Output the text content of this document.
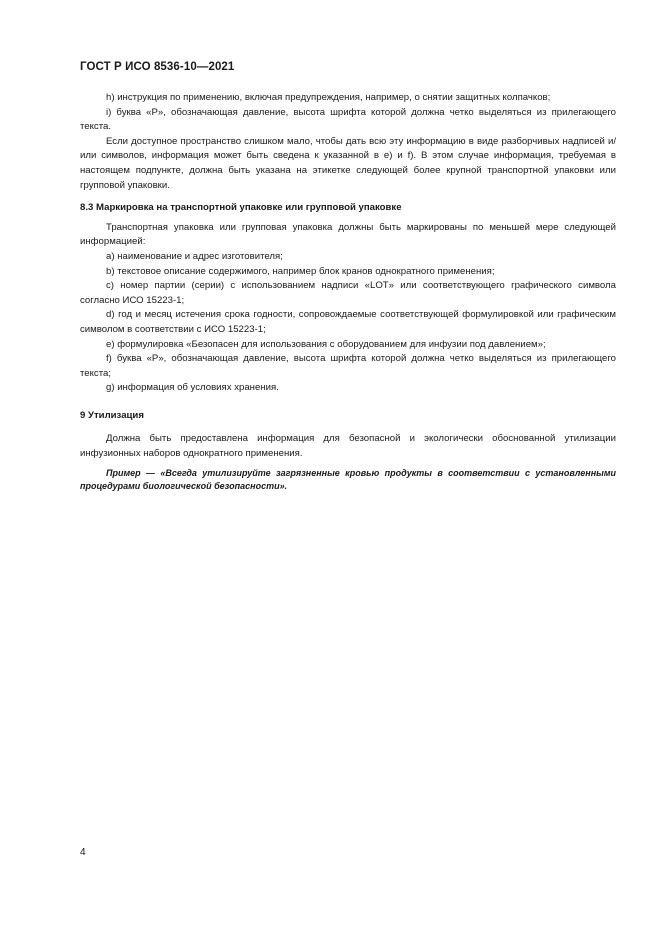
ГОСТ Р ИСО 8536-10—2021

h) инструкция по применению, включая предупреждения, например, о снятии защитных колпачков;

i) буква «P», обозначающая давление, высота шрифта которой должна четко выделяться из прилегающего текста.

Если доступное пространство слишком мало, чтобы дать всю эту информацию в виде разборчивых надписей и/или символов, информация может быть сведена к указанной в e) и f). В этом случае информация, требуемая в настоящем подпункте, должна быть указана на этикетке следующей более крупной транспортной упаковки или групповой упаковки.

8.3 Маркировка на транспортной упаковке или групповой упаковке

Транспортная упаковка или групповая упаковка должны быть маркированы по меньшей мере следующей информацией:

a) наименование и адрес изготовителя;

b) текстовое описание содержимого, например блок кранов однократного применения;

c) номер партии (серии) с использованием надписи «LOT» или соответствующего графического символа согласно ИСО 15223-1;

d) год и месяц истечения срока годности, сопровождаемые соответствующей формулировкой или графическим символом в соответствии с ИСО 15223-1;

e) формулировка «Безопасен для использования с оборудованием для инфузии под давлением»;

f) буква «P», обозначающая давление, высота шрифта которой должна четко выделяться из прилегающего текста;

g) информация об условиях хранения.

9 Утилизация

Должна быть предоставлена информация для безопасной и экологически обоснованной утилизации инфузионных наборов однократного применения.

Пример — «Всегда утилизируйте загрязненные кровью продукты в соответствии с установленными процедурами биологической безопасности».

4
